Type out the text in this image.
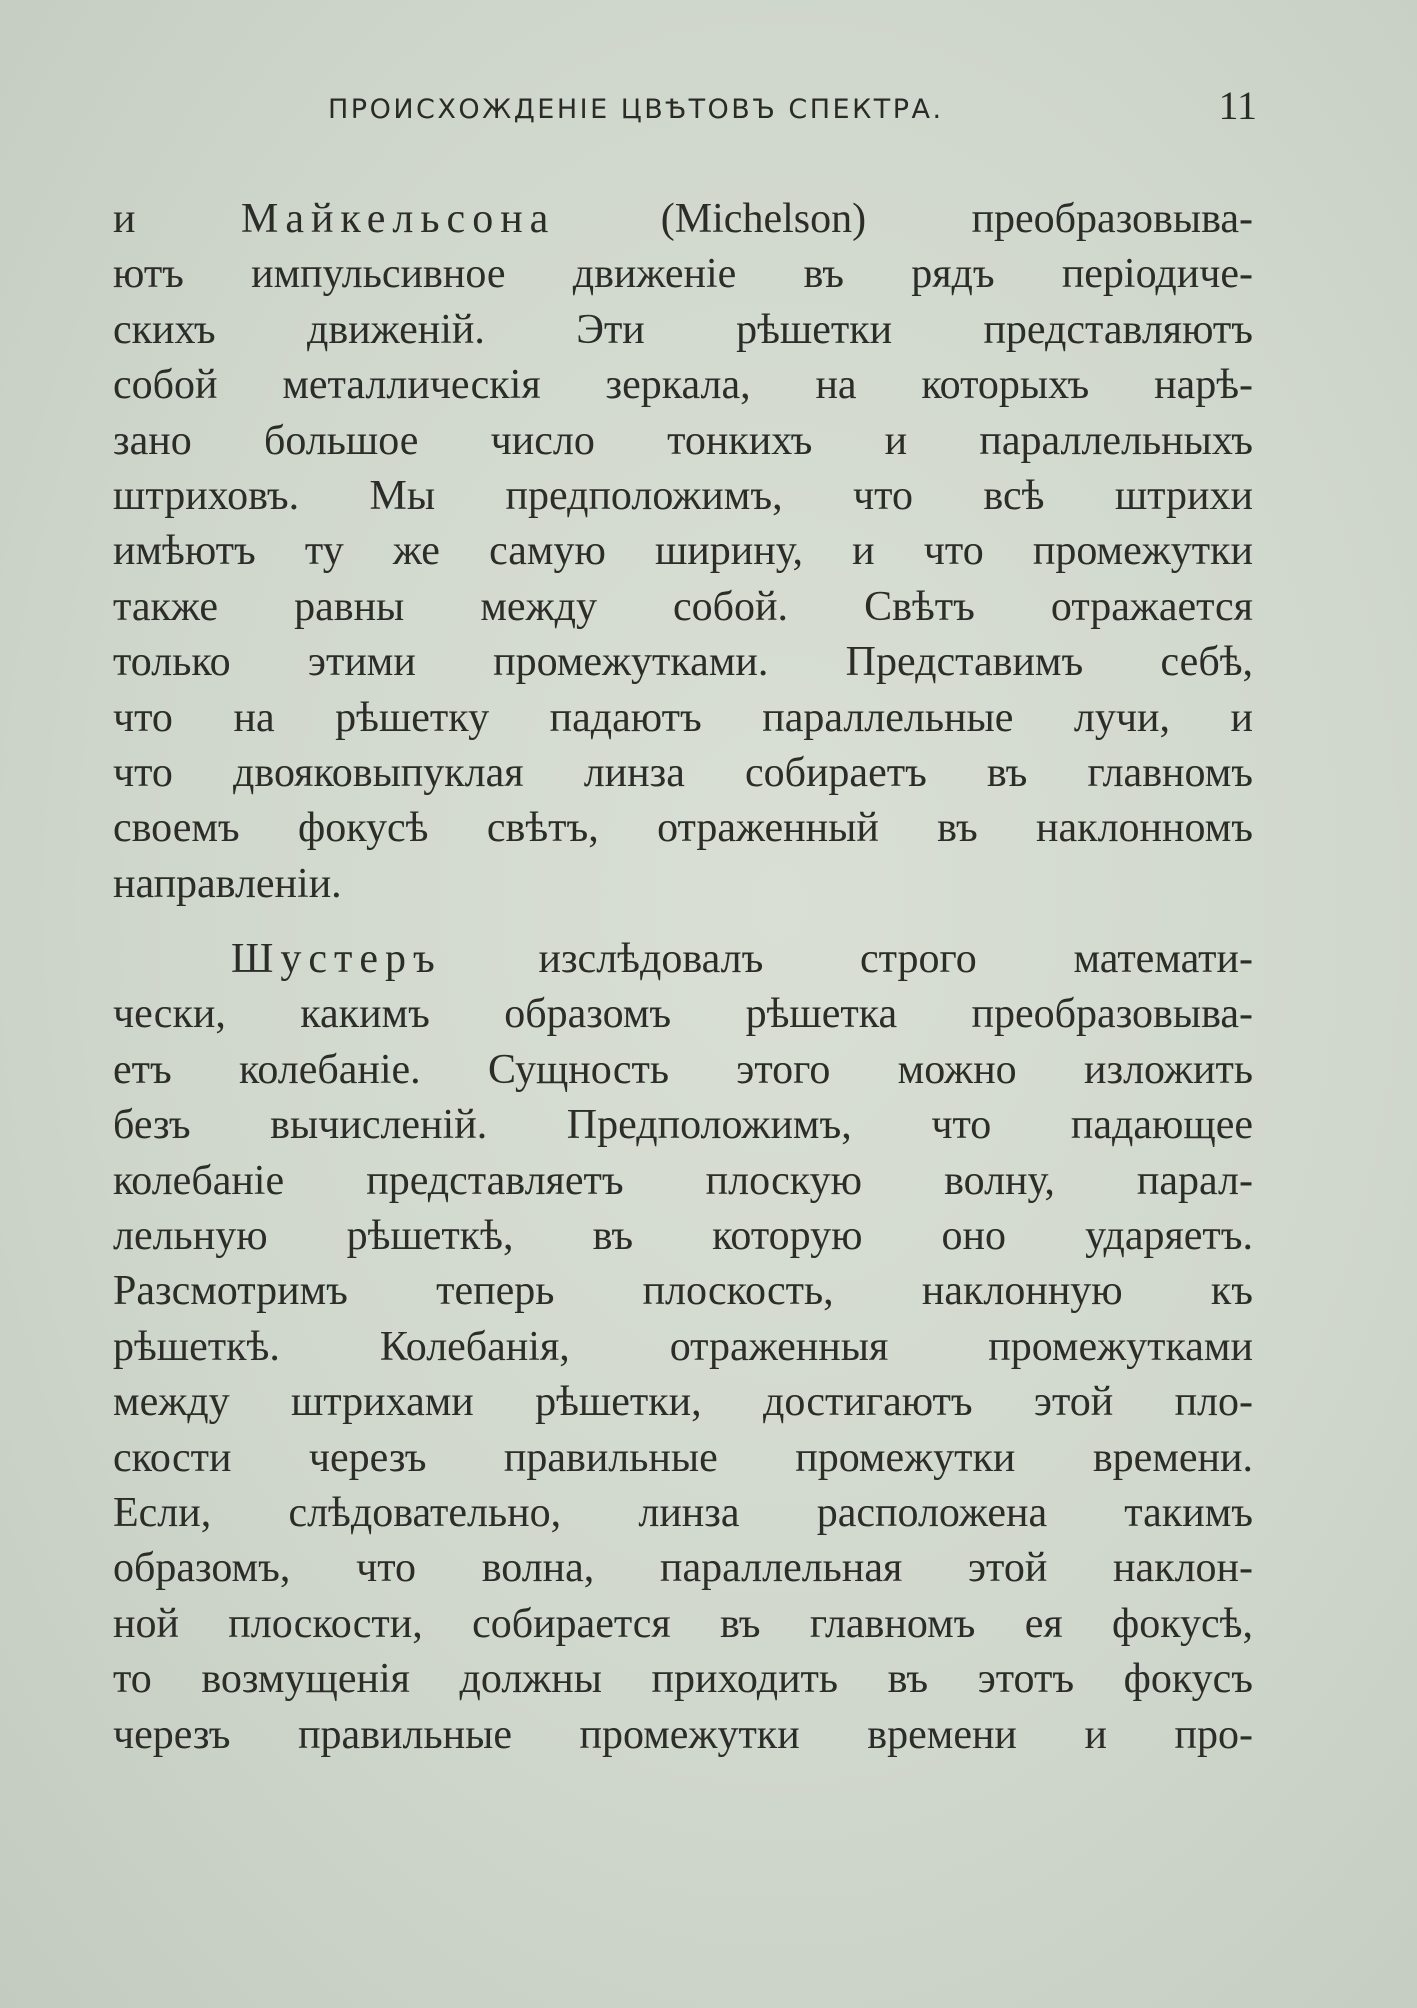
ПРОИСХОЖДЕНІЕ ЦВѢТОВЪ СПЕКТРА.	11
и Майкельсона (Michelson) преобразовыва-
ютъ импульсивное движеніе въ рядъ періодиче-
скихъ движеній. Эти рѣшетки представляютъ
собой металлическія зеркала, на которыхъ нарѣ-
зано большое число тонкихъ и параллельныхъ
штриховъ. Мы предположимъ, что всѣ штрихи
имѣютъ ту же самую ширину, и что промежутки
также равны между собой. Свѣтъ отражается
только этими промежутками. Представимъ себѣ,
что на рѣшетку падаютъ параллельные лучи, и
что двояковыпуклая линза собираетъ въ главномъ
своемъ фокусѣ свѣтъ, отраженный въ наклонномъ
направленіи.
Шустеръ изслѣдовалъ строго математи-
чески, какимъ образомъ рѣшетка преобразовыва-
етъ колебаніе. Сущность этого можно изложить
безъ вычисленій. Предположимъ, что падающее
колебаніе представляетъ плоскую волну, парал-
лельную рѣшеткѣ, въ которую оно ударяетъ.
Разсмотримъ теперь плоскость, наклонную къ
рѣшеткѣ. Колебанія, отраженныя промежутками
между штрихами рѣшетки, достигаютъ этой пло-
скости черезъ правильные промежутки времени.
Если, слѣдовательно, линза расположена такимъ
образомъ, что волна, параллельная этой наклон-
ной плоскости, собирается въ главномъ ея фокусѣ,
то возмущенія должны приходить въ этотъ фокусъ
черезъ правильные промежутки времени и про-
